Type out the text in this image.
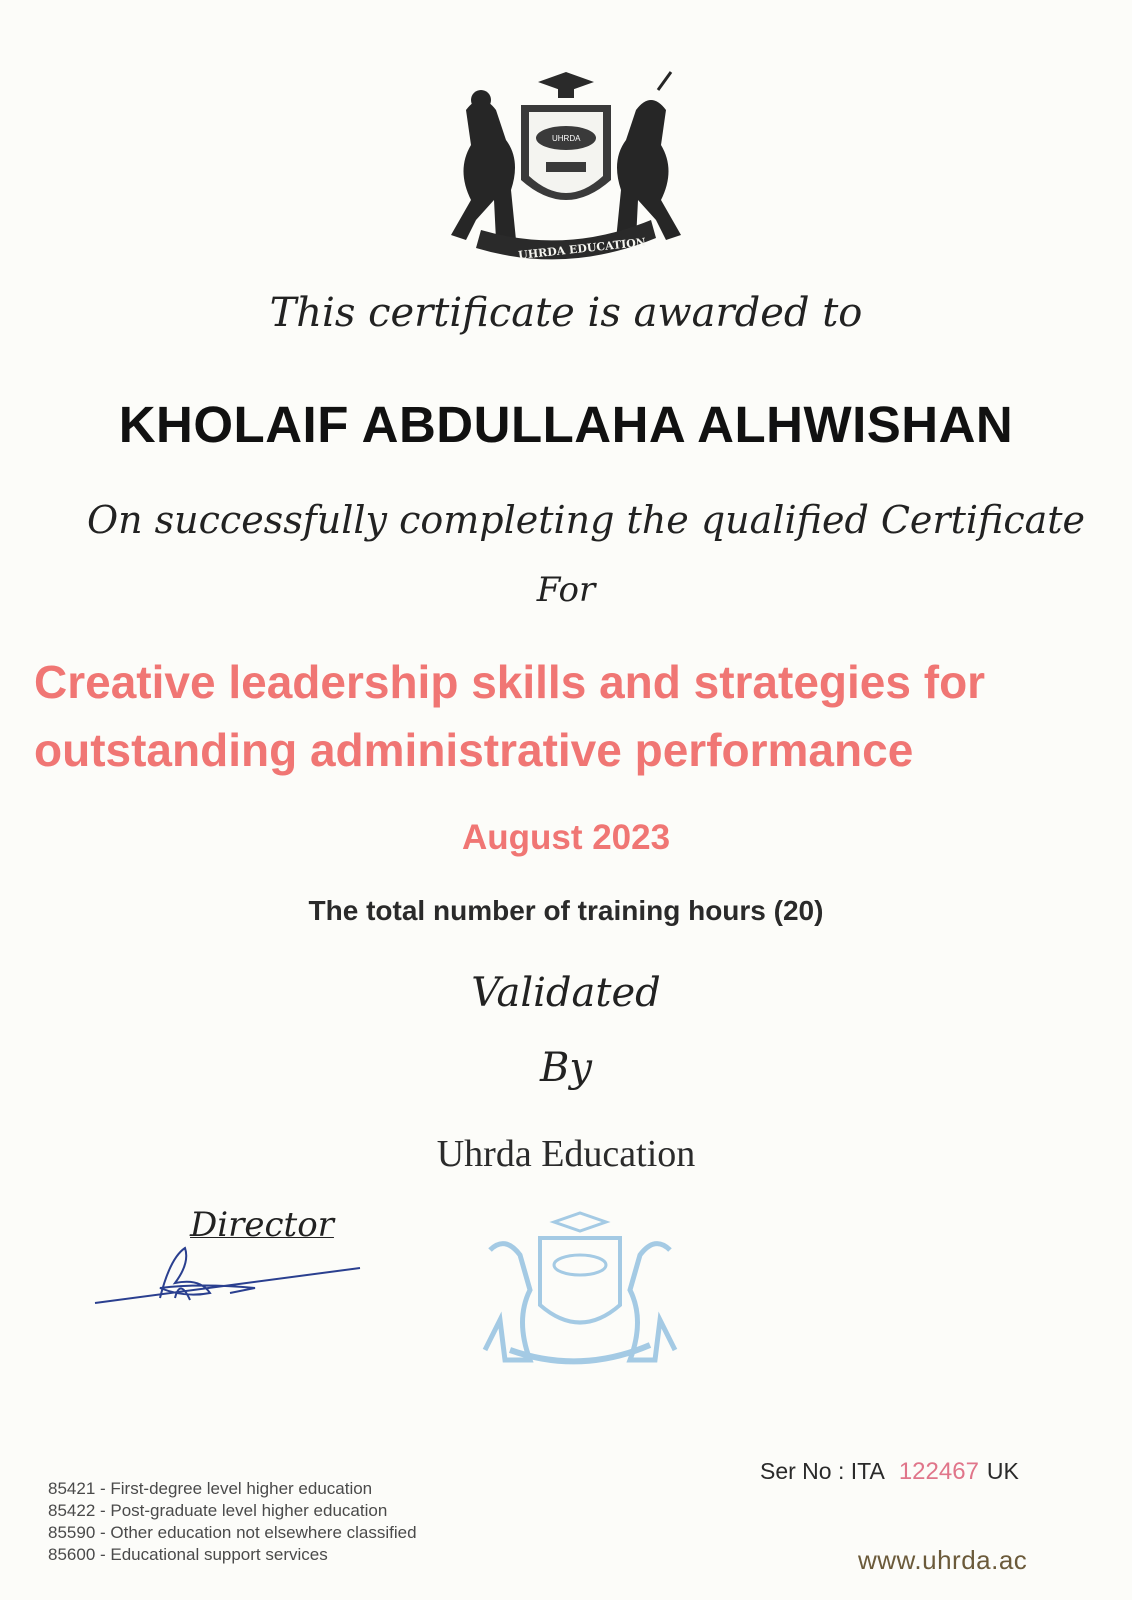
UHRDA
UHRDA EDUCATION
This certificate is awarded to
KHOLAIF ABDULLAHA ALHWISHAN
On successfully completing the qualified Certificate
For
Creative leadership skills and strategies for
outstanding administrative performance
August 2023
The total number of training hours (20)
Validated
By
Uhrda Education
Director
85421 - First-degree level higher education
85422 - Post-graduate level higher education
85590 - Other education not elsewhere classified
85600 - Educational support services
Ser No : ITA 122467 UK
www.uhrda.ac
